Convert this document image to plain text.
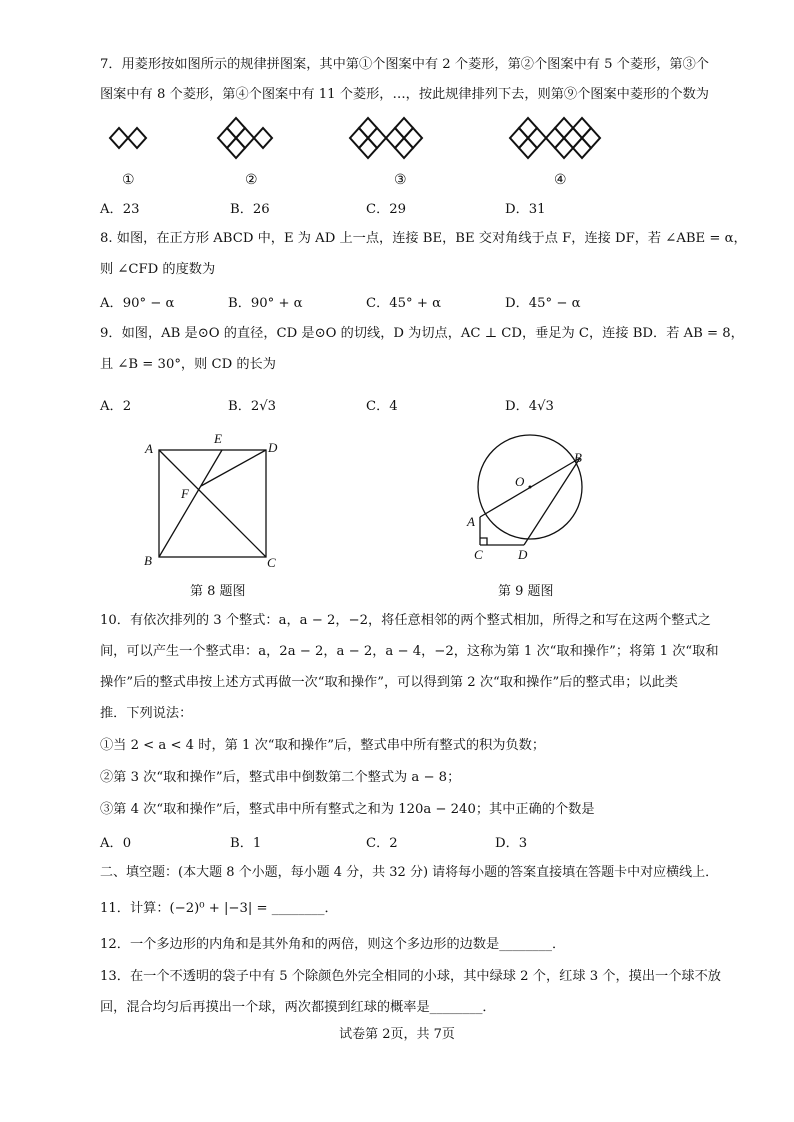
7．用菱形按如图所示的规律拼图案，其中第①个图案中有 2 个菱形，第②个图案中有 5 个菱形，第③个
图案中有 8 个菱形，第④个图案中有 11 个菱形，…，按此规律排列下去，则第⑨个图案中菱形的个数为
①	②	③	④
A．23	B．26	C．29	D．31
8. 如图，在正方形 ABCD 中，E 为 AD 上一点，连接 BE，BE 交对角线于点 F，连接 DF，若 ∠ABE = α，
则 ∠CFD 的度数为
A．90° − α	B．90° + α	C．45° + α	D．45° − α
9．如图，AB 是⊙O 的直径，CD 是⊙O 的切线，D 为切点，AC ⊥ CD，垂足为 C，连接 BD．若 AB = 8，
且 ∠B = 30°，则 CD 的长为
A．2	B．2√3	C．4	D．4√3
A
E
D
F
B	C
第 8 题图
O
B
A
C	D
第 9 题图
10．有依次排列的 3 个整式：a，a − 2，−2，将任意相邻的两个整式相加，所得之和写在这两个整式之
间，可以产生一个整式串：a，2a − 2，a − 2，a − 4，−2，这称为第 1 次“取和操作”；将第 1 次“取和
操作”后的整式串按上述方式再做一次“取和操作”，可以得到第 2 次“取和操作”后的整式串；以此类
推．下列说法：
①当 2 < a < 4 时，第 1 次“取和操作”后，整式串中所有整式的积为负数；
②第 3 次“取和操作”后，整式串中倒数第二个整式为 a − 8；
③第 4 次“取和操作”后，整式串中所有整式之和为 120a − 240；其中正确的个数是
A．0	B．1	C．2	D．3
二、填空题：(本大题 8 个小题，每小题 4 分，共 32 分) 请将每小题的答案直接填在答题卡中对应横线上．
11．计算：(−2)⁰ + |−3| = ________．
12．一个多边形的内角和是其外角和的两倍，则这个多边形的边数是________．
13．在一个不透明的袋子中有 5 个除颜色外完全相同的小球，其中绿球 2 个，红球 3 个，摸出一个球不放
回，混合均匀后再摸出一个球，两次都摸到红球的概率是________．
试卷第 2页，共 7页
